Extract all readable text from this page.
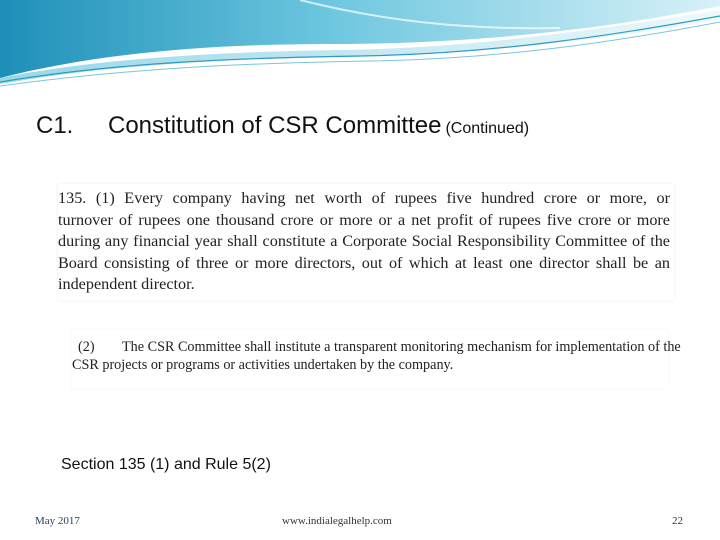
C1. Constitution of CSR Committee (Continued)
135. (1) Every company having net worth of rupees five hundred crore or more, or
turnover of rupees one thousand crore or more or a net profit of rupees five crore or more
during any financial year shall constitute a Corporate Social Responsibility Committee of the
Board consisting of three or more directors, out of which at least one director shall be an
independent director.
(2) The CSR Committee shall institute a transparent monitoring mechanism for implementation of the
CSR projects or programs or activities undertaken by the company.
Section 135 (1) and Rule 5(2)
May 2017	www.indialegalhelp.com	22
